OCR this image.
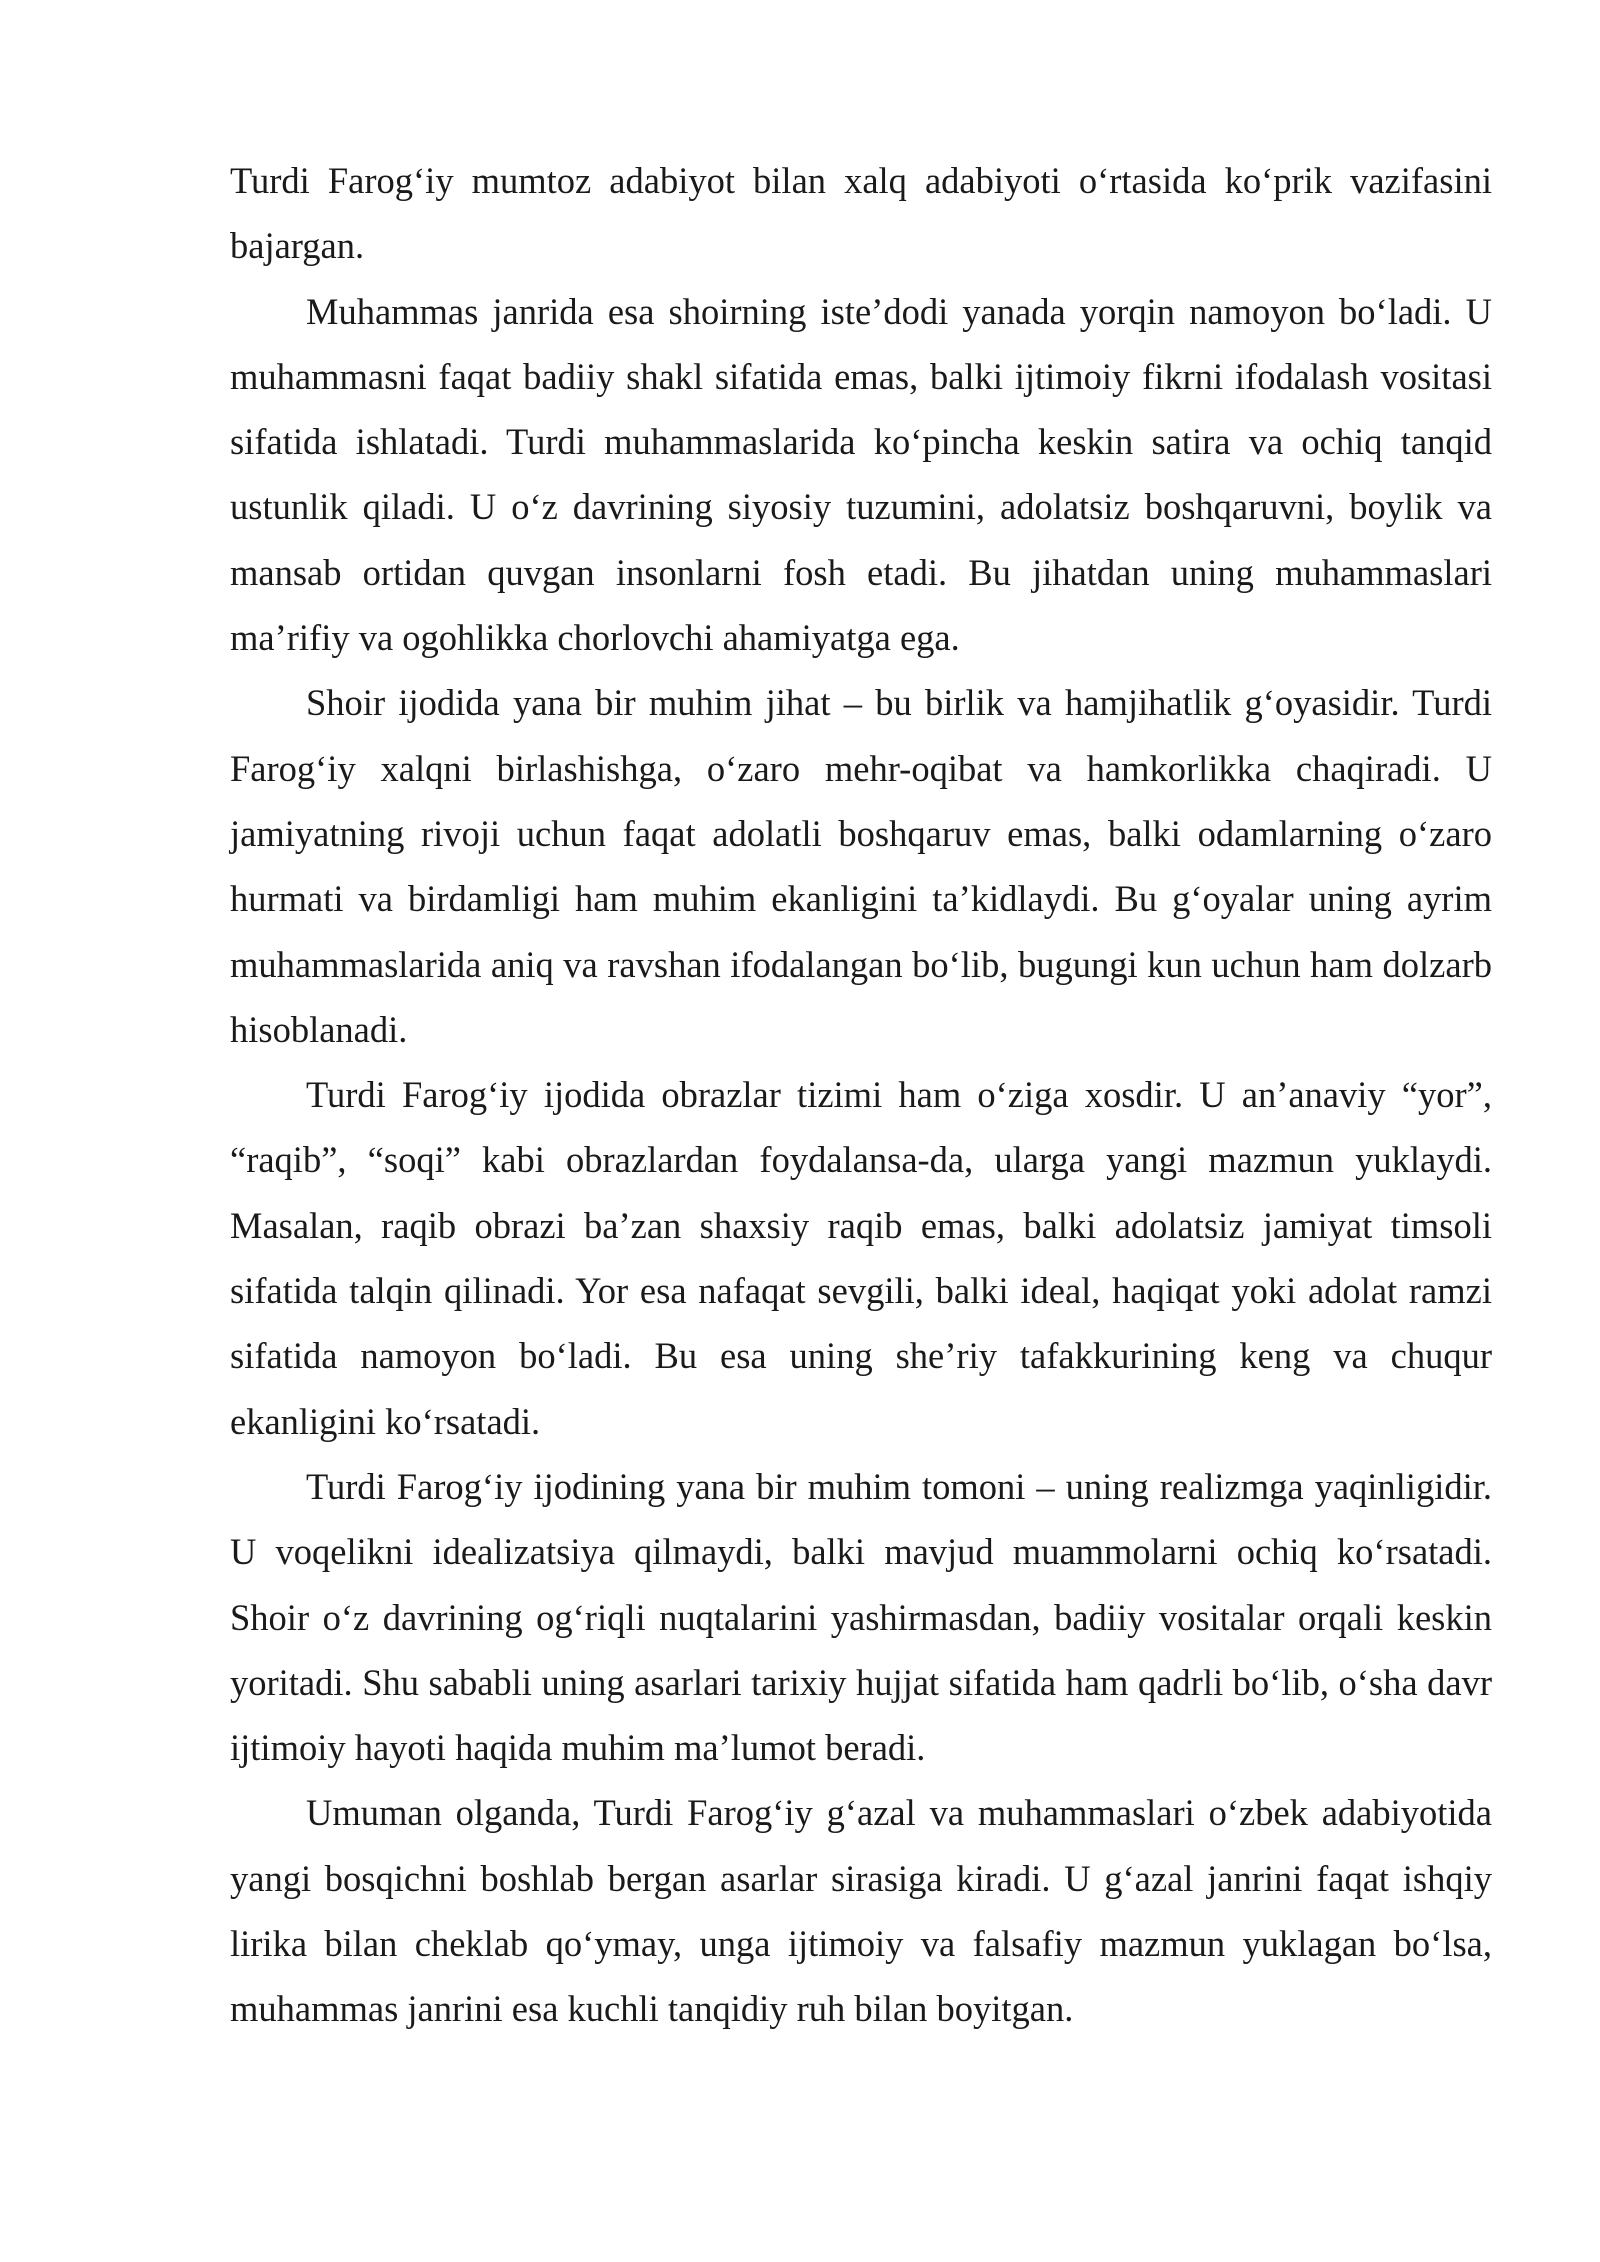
Turdi Farog‘iy mumtoz adabiyot bilan xalq adabiyoti o‘rtasida ko‘prik vazifasini bajargan.

Muhammas janrida esa shoirning iste’dodi yanada yorqin namoyon bo‘ladi. U muhammasni faqat badiiy shakl sifatida emas, balki ijtimoiy fikrni ifodalash vositasi sifatida ishlatadi. Turdi muhammaslarida ko‘pincha keskin satira va ochiq tanqid ustunlik qiladi. U o‘z davrining siyosiy tuzumini, adolatsiz boshqaruvni, boylik va mansab ortidan quvgan insonlarni fosh etadi. Bu jihatdan uning muhammaslari ma’rifiy va ogohlikka chorlovchi ahamiyatga ega.

Shoir ijodida yana bir muhim jihat – bu birlik va hamjihatlik g‘oyasidir. Turdi Farog‘iy xalqni birlashishga, o‘zaro mehr-oqibat va hamkorlikka chaqiradi. U jamiyatning rivoji uchun faqat adolatli boshqaruv emas, balki odamlarning o‘zaro hurmati va birdamligi ham muhim ekanligini ta’kidlaydi. Bu g‘oyalar uning ayrim muhammaslarida aniq va ravshan ifodalangan bo‘lib, bugungi kun uchun ham dolzarb hisoblanadi.

Turdi Farog‘iy ijodida obrazlar tizimi ham o‘ziga xosdir. U an’anaviy “yor”, “raqib”, “soqi” kabi obrazlardan foydalansa-da, ularga yangi mazmun yuklaydi. Masalan, raqib obrazi ba’zan shaxsiy raqib emas, balki adolatsiz jamiyat timsoli sifatida talqin qilinadi. Yor esa nafaqat sevgili, balki ideal, haqiqat yoki adolat ramzi sifatida namoyon bo‘ladi. Bu esa uning she’riy tafakkurining keng va chuqur ekanligini ko‘rsatadi.

Turdi Farog‘iy ijodining yana bir muhim tomoni – uning realizmga yaqinligidir. U voqelikni idealizatsiya qilmaydi, balki mavjud muammolarni ochiq ko‘rsatadi. Shoir o‘z davrining og‘riqli nuqtalarini yashirmasdan, badiiy vositalar orqali keskin yoritadi. Shu sababli uning asarlari tarixiy hujjat sifatida ham qadrli bo‘lib, o‘sha davr ijtimoiy hayoti haqida muhim ma’lumot beradi.

Umuman olganda, Turdi Farog‘iy g‘azal va muhammaslari o‘zbek adabiyotida yangi bosqichni boshlab bergan asarlar sirasiga kiradi. U g‘azal janrini faqat ishqiy lirika bilan cheklab qo‘ymay, unga ijtimoiy va falsafiy mazmun yuklagan bo‘lsa, muhammas janrini esa kuchli tanqidiy ruh bilan boyitgan.
